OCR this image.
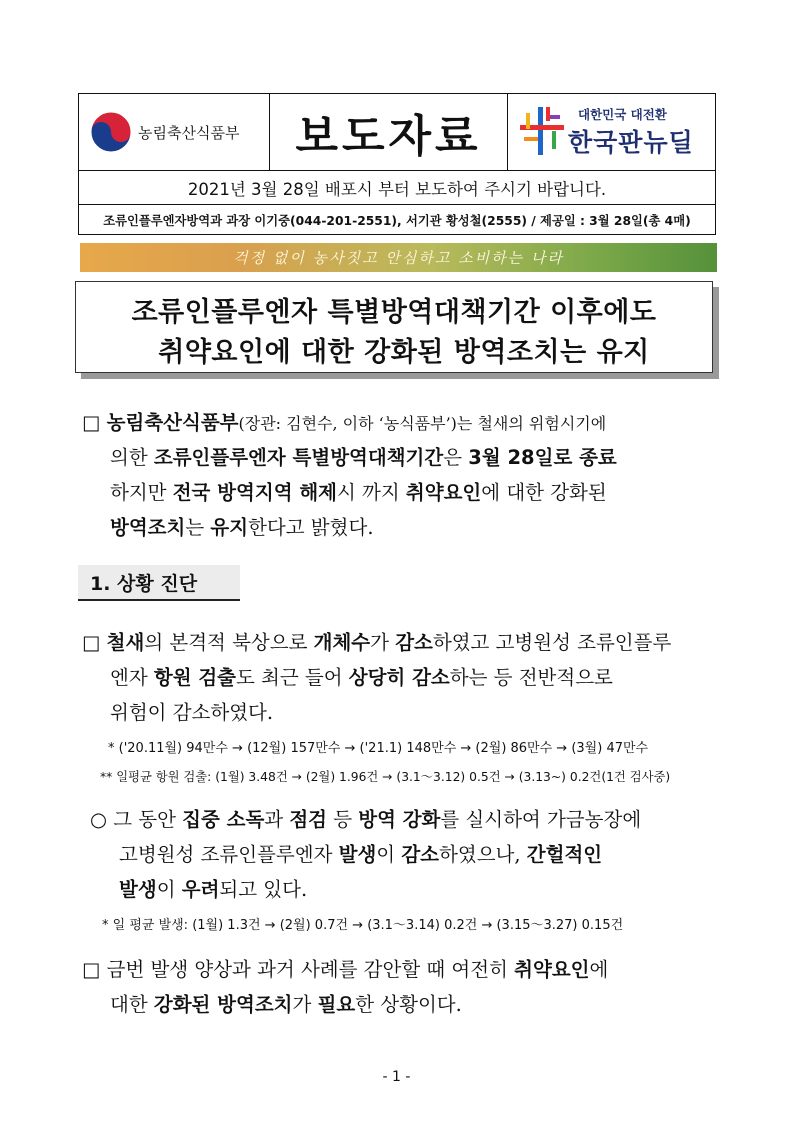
농림축산식품부 보도자료	대한민국 대전환
한국판뉴딜
2021년 3월 28일 배포시 부터 보도하여 주시기 바랍니다.
조류인플루엔자방역과 과장 이기중(044-201-2551), 서기관 황성철(2555) / 제공일 : 3월 28일(총 4매)
걱정 없이 농사짓고 안심하고 소비하는 나라
조류인플루엔자 특별방역대책기간 이후에도
취약요인에 대한 강화된 방역조치는 유지
□ 농림축산식품부(장관: 김현수, 이하 ‘농식품부’)는 철새의 위험시기에
의한 조류인플루엔자 특별방역대책기간은 3월 28일로 종료
하지만 전국 방역지역 해제시 까지 취약요인에 대한 강화된
방역조치는 유지한다고 밝혔다.
1. 상황 진단
□ 철새의 본격적 북상으로 개체수가 감소하였고 고병원성 조류인플루
엔자 항원 검출도 최근 들어 상당히 감소하는 등 전반적으로
위험이 감소하였다.
* ('20.11월) 94만수 → (12월) 157만수 → ('21.1) 148만수 → (2월) 86만수 → (3월) 47만수
** 일평균 항원 검출: (1월) 3.48건 → (2월) 1.96건 → (3.1～3.12) 0.5건 → (3.13~) 0.2건(1건 검사중)
○ 그 동안 집중 소독과 점검 등 방역 강화를 실시하여 가금농장에
고병원성 조류인플루엔자 발생이 감소하였으나, 간헐적인
발생이 우려되고 있다.
* 일 평균 발생: (1월) 1.3건 → (2월) 0.7건 → (3.1～3.14) 0.2건 → (3.15～3.27) 0.15건
□ 금번 발생 양상과 과거 사례를 감안할 때 여전히 취약요인에
대한 강화된 방역조치가 필요한 상황이다.
- 1 -
